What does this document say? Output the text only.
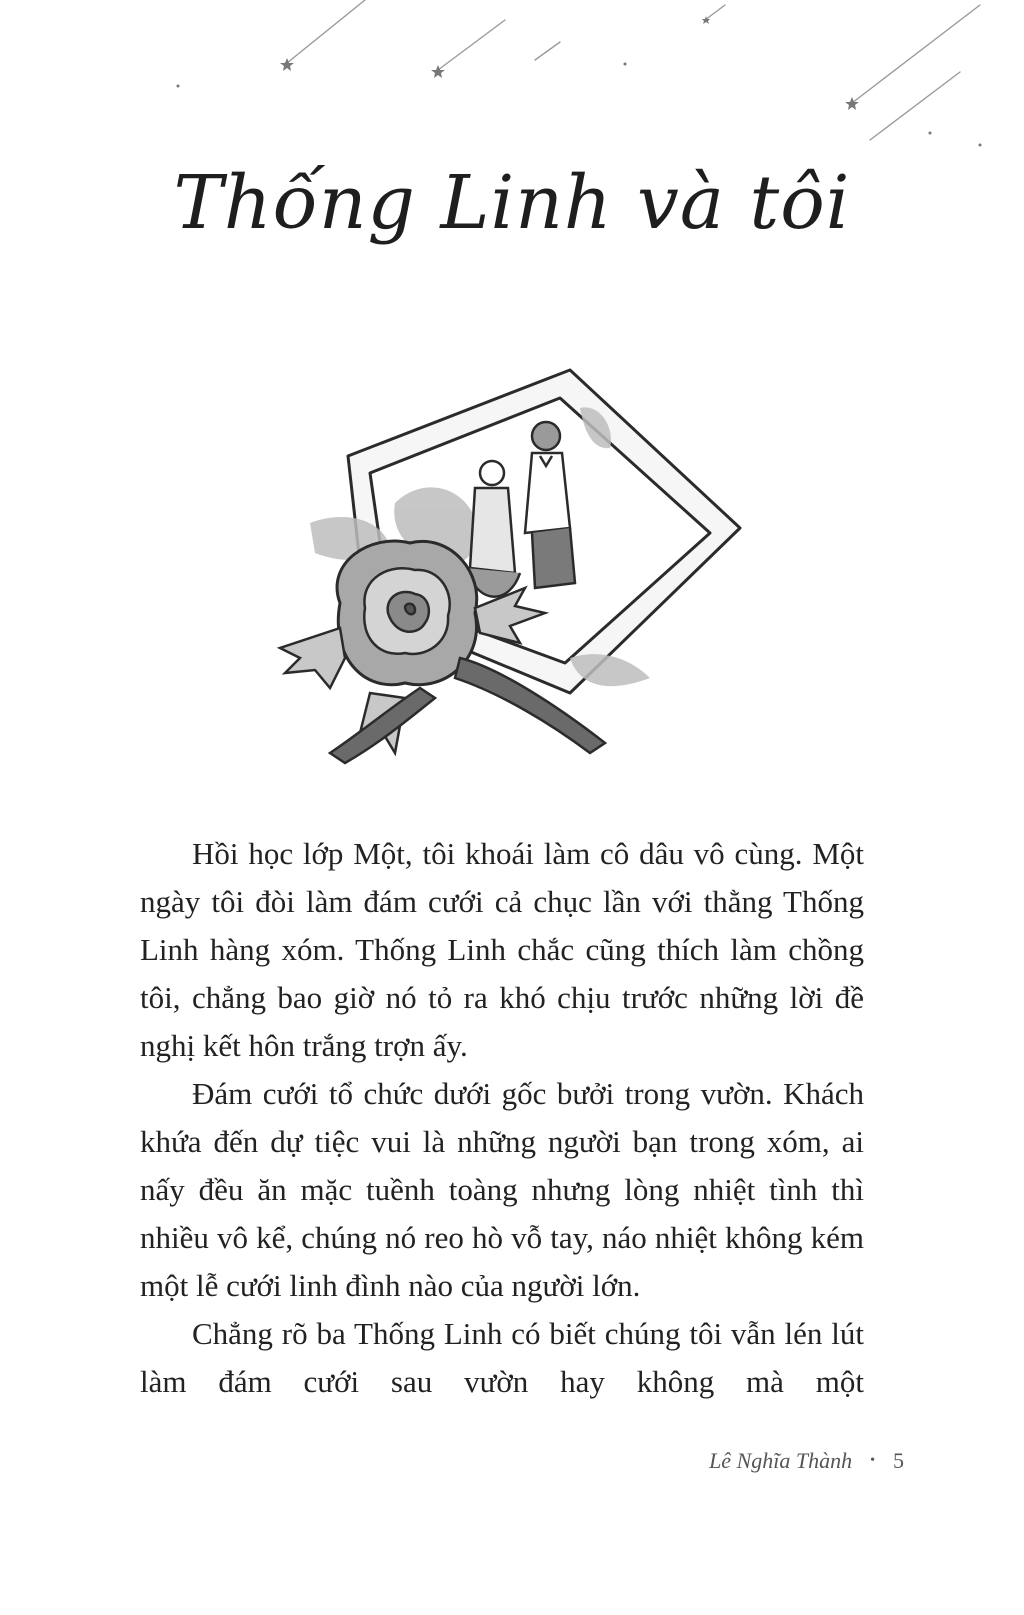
Thống Linh và tôi

Hồi học lớp Một, tôi khoái làm cô dâu vô cùng. Một ngày tôi đòi làm đám cưới cả chục lần với thằng Thống Linh hàng xóm. Thống Linh chắc cũng thích làm chồng tôi, chẳng bao giờ nó tỏ ra khó chịu trước những lời đề nghị kết hôn trắng trợn ấy.

Đám cưới tổ chức dưới gốc bưởi trong vườn. Khách khứa đến dự tiệc vui là những người bạn trong xóm, ai nấy đều ăn mặc tuềnh toàng nhưng lòng nhiệt tình thì nhiều vô kể, chúng nó reo hò vỗ tay, náo nhiệt không kém một lễ cưới linh đình nào của người lớn.

Chẳng rõ ba Thống Linh có biết chúng tôi vẫn lén lút làm đám cưới sau vườn hay không mà một

Lê Nghĩa Thành • 5
